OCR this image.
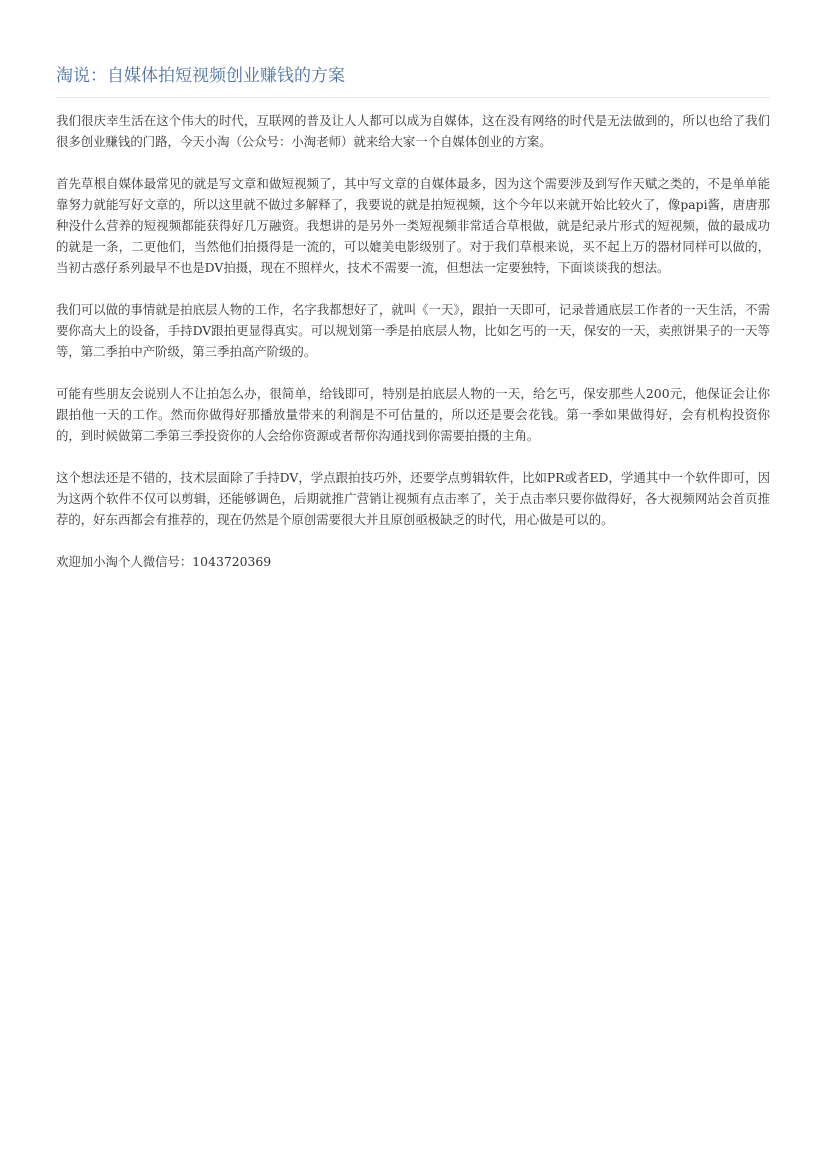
淘说：自媒体拍短视频创业赚钱的方案

我们很庆幸生活在这个伟大的时代，互联网的普及让人人都可以成为自媒体，这在没有网络的时代是无法做到的，所以也给了我们很多创业赚钱的门路，今天小淘（公众号：小淘老师）就来给大家一个自媒体创业的方案。

首先草根自媒体最常见的就是写文章和做短视频了，其中写文章的自媒体最多，因为这个需要涉及到写作天赋之类的，不是单单能靠努力就能写好文章的，所以这里就不做过多解释了，我要说的就是拍短视频，这个今年以来就开始比较火了，像papi酱，唐唐那种没什么营养的短视频都能获得好几万融资。我想讲的是另外一类短视频非常适合草根做，就是纪录片形式的短视频，做的最成功的就是一条，二更他们，当然他们拍摄得是一流的，可以媲美电影级别了。对于我们草根来说，买不起上万的器材同样可以做的，当初古惑仔系列最早不也是DV拍摄，现在不照样火，技术不需要一流，但想法一定要独特，下面谈谈我的想法。

我们可以做的事情就是拍底层人物的工作，名字我都想好了，就叫《一天》，跟拍一天即可，记录普通底层工作者的一天生活，不需要你高大上的设备，手持DV跟拍更显得真实。可以规划第一季是拍底层人物，比如乞丐的一天，保安的一天，卖煎饼果子的一天等等，第二季拍中产阶级，第三季拍高产阶级的。

可能有些朋友会说别人不让拍怎么办，很简单，给钱即可，特别是拍底层人物的一天，给乞丐，保安那些人200元，他保证会让你跟拍他一天的工作。然而你做得好那播放量带来的利润是不可估量的，所以还是要会花钱。第一季如果做得好，会有机构投资你的，到时候做第二季第三季投资你的人会给你资源或者帮你沟通找到你需要拍摄的主角。

这个想法还是不错的，技术层面除了手持DV，学点跟拍技巧外，还要学点剪辑软件，比如PR或者ED，学通其中一个软件即可，因为这两个软件不仅可以剪辑，还能够调色，后期就推广营销让视频有点击率了，关于点击率只要你做得好，各大视频网站会首页推荐的，好东西都会有推荐的，现在仍然是个原创需要很大并且原创亟极缺乏的时代，用心做是可以的。

欢迎加小淘个人微信号：1043720369
